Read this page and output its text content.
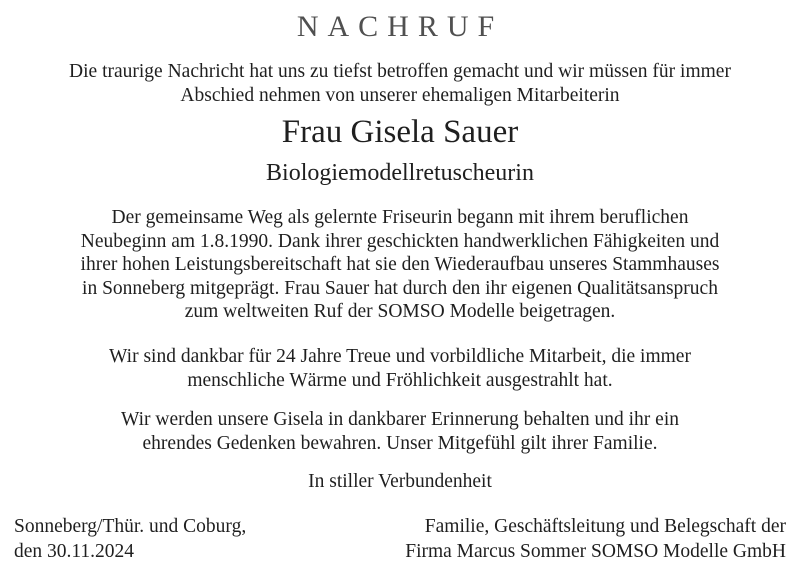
NACHRUF
Die traurige Nachricht hat uns zu tiefst betroffen gemacht und wir müssen für immer
Abschied nehmen von unserer ehemaligen Mitarbeiterin
Frau Gisela Sauer
Biologiemodellretuscheurin
Der gemeinsame Weg als gelernte Friseurin begann mit ihrem beruflichen
Neubeginn am 1.8.1990. Dank ihrer geschickten handwerklichen Fähigkeiten und
ihrer hohen Leistungsbereitschaft hat sie den Wiederaufbau unseres Stammhauses
in Sonneberg mitgeprägt. Frau Sauer hat durch den ihr eigenen Qualitätsanspruch
zum weltweiten Ruf der SOMSO Modelle beigetragen.
Wir sind dankbar für 24 Jahre Treue und vorbildliche Mitarbeit, die immer
menschliche Wärme und Fröhlichkeit ausgestrahlt hat.
Wir werden unsere Gisela in dankbarer Erinnerung behalten und ihr ein
ehrendes Gedenken bewahren. Unser Mitgefühl gilt ihrer Familie.
In stiller Verbundenheit
Sonneberg/Thür. und Coburg,
den 30.11.2024
Familie, Geschäftsleitung und Belegschaft der
Firma Marcus Sommer SOMSO Modelle GmbH
